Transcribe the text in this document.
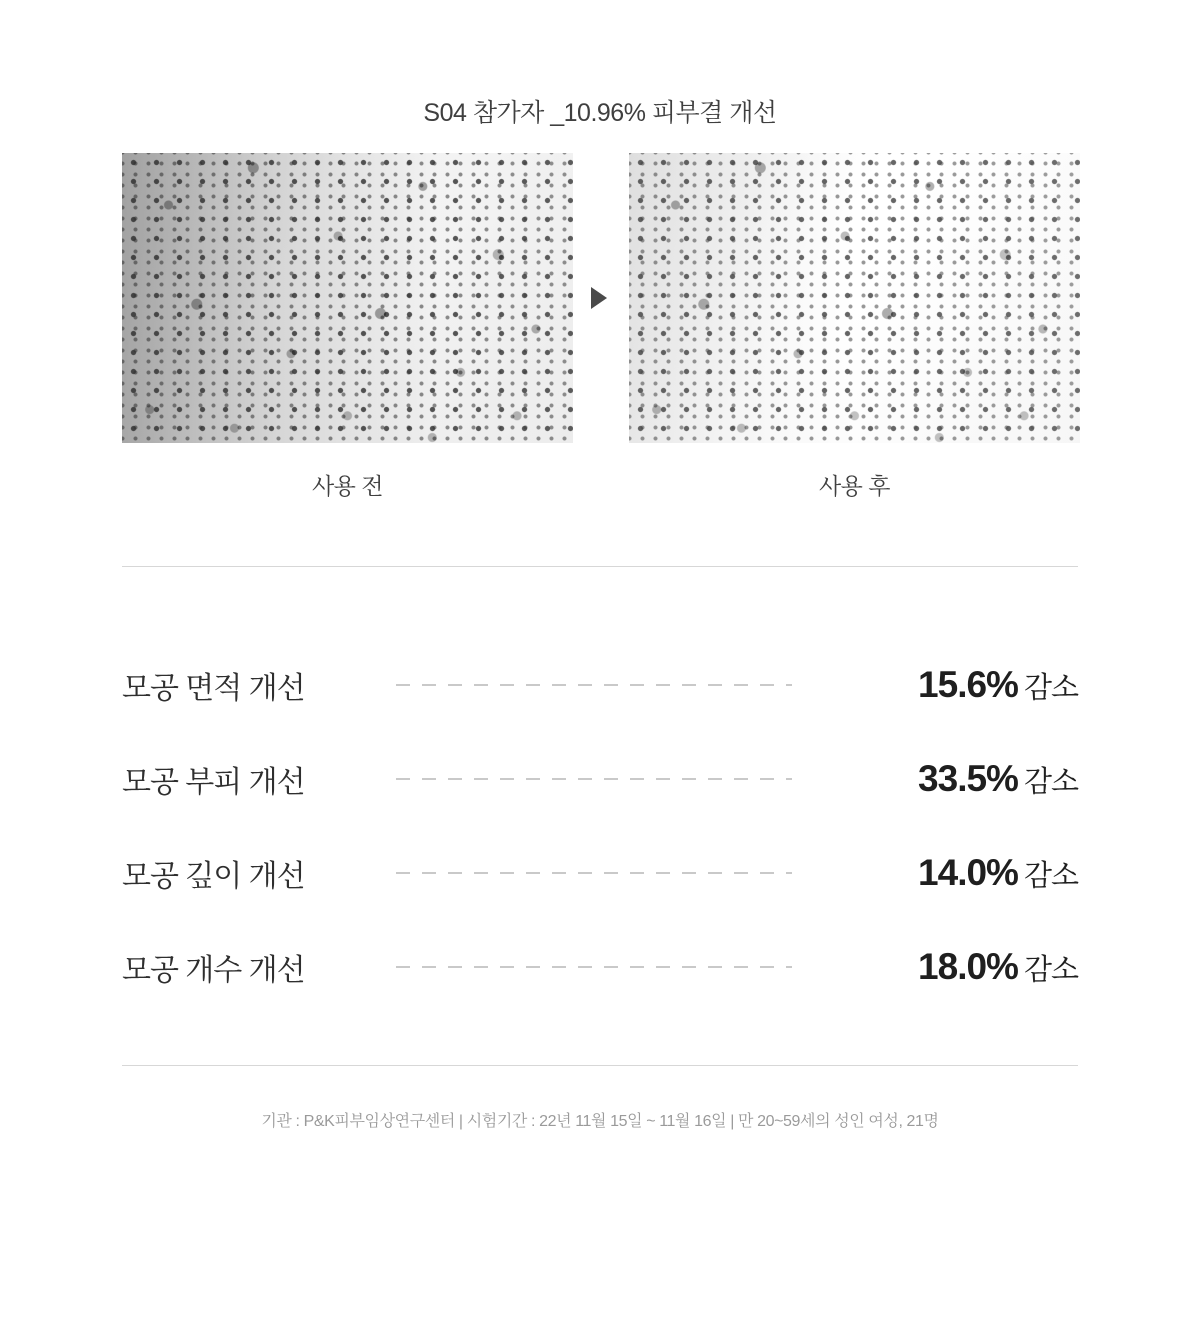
S04 참가자 _10.96% 피부결 개선
사용 전	사용 후
모공 면적 개선	15.6% 감소
모공 부피 개선	33.5% 감소
모공 깊이 개선	14.0% 감소
모공 개수 개선	18.0% 감소
기관 : P&K피부임상연구센터 | 시험기간 : 22년 11월 15일 ~ 11월 16일 | 만 20~59세의 성인 여성, 21명
